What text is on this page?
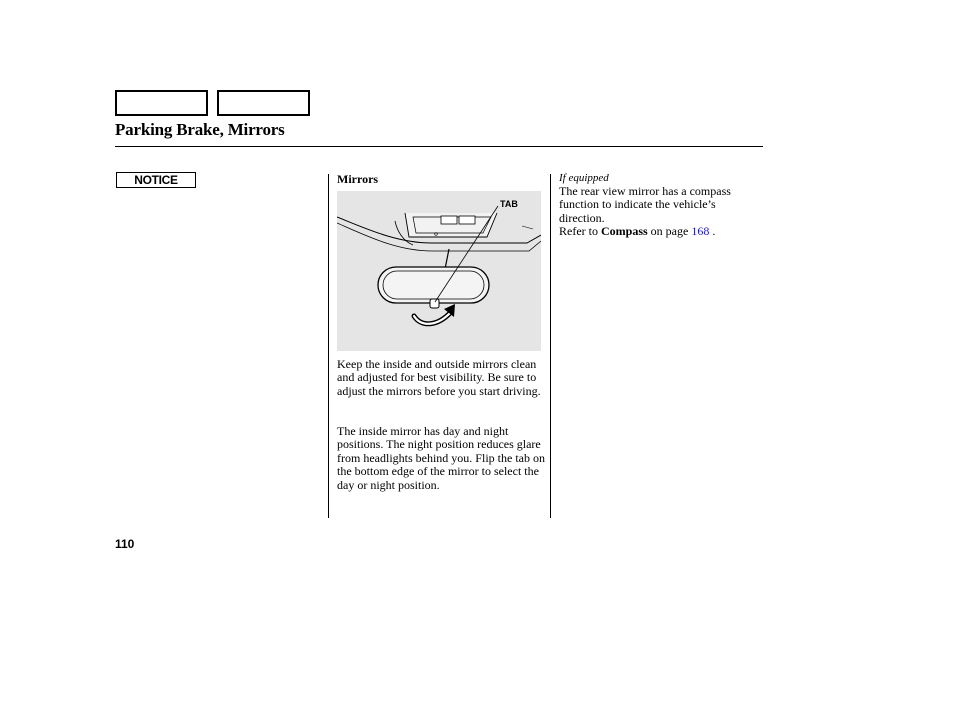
Parking Brake, Mirrors
NOTICE	Mirrors
TAB

Keep the inside and outside mirrors clean and adjusted for best visibility. Be sure to adjust the mirrors before you start driving.

The inside mirror has day and night positions. The night position reduces glare from headlights behind you. Flip the tab on the bottom edge of the mirror to select the day or night position.

If equipped

The rear view mirror has a compass function to indicate the vehicle’s direction.

Refer to Compass on page 168 .
110
